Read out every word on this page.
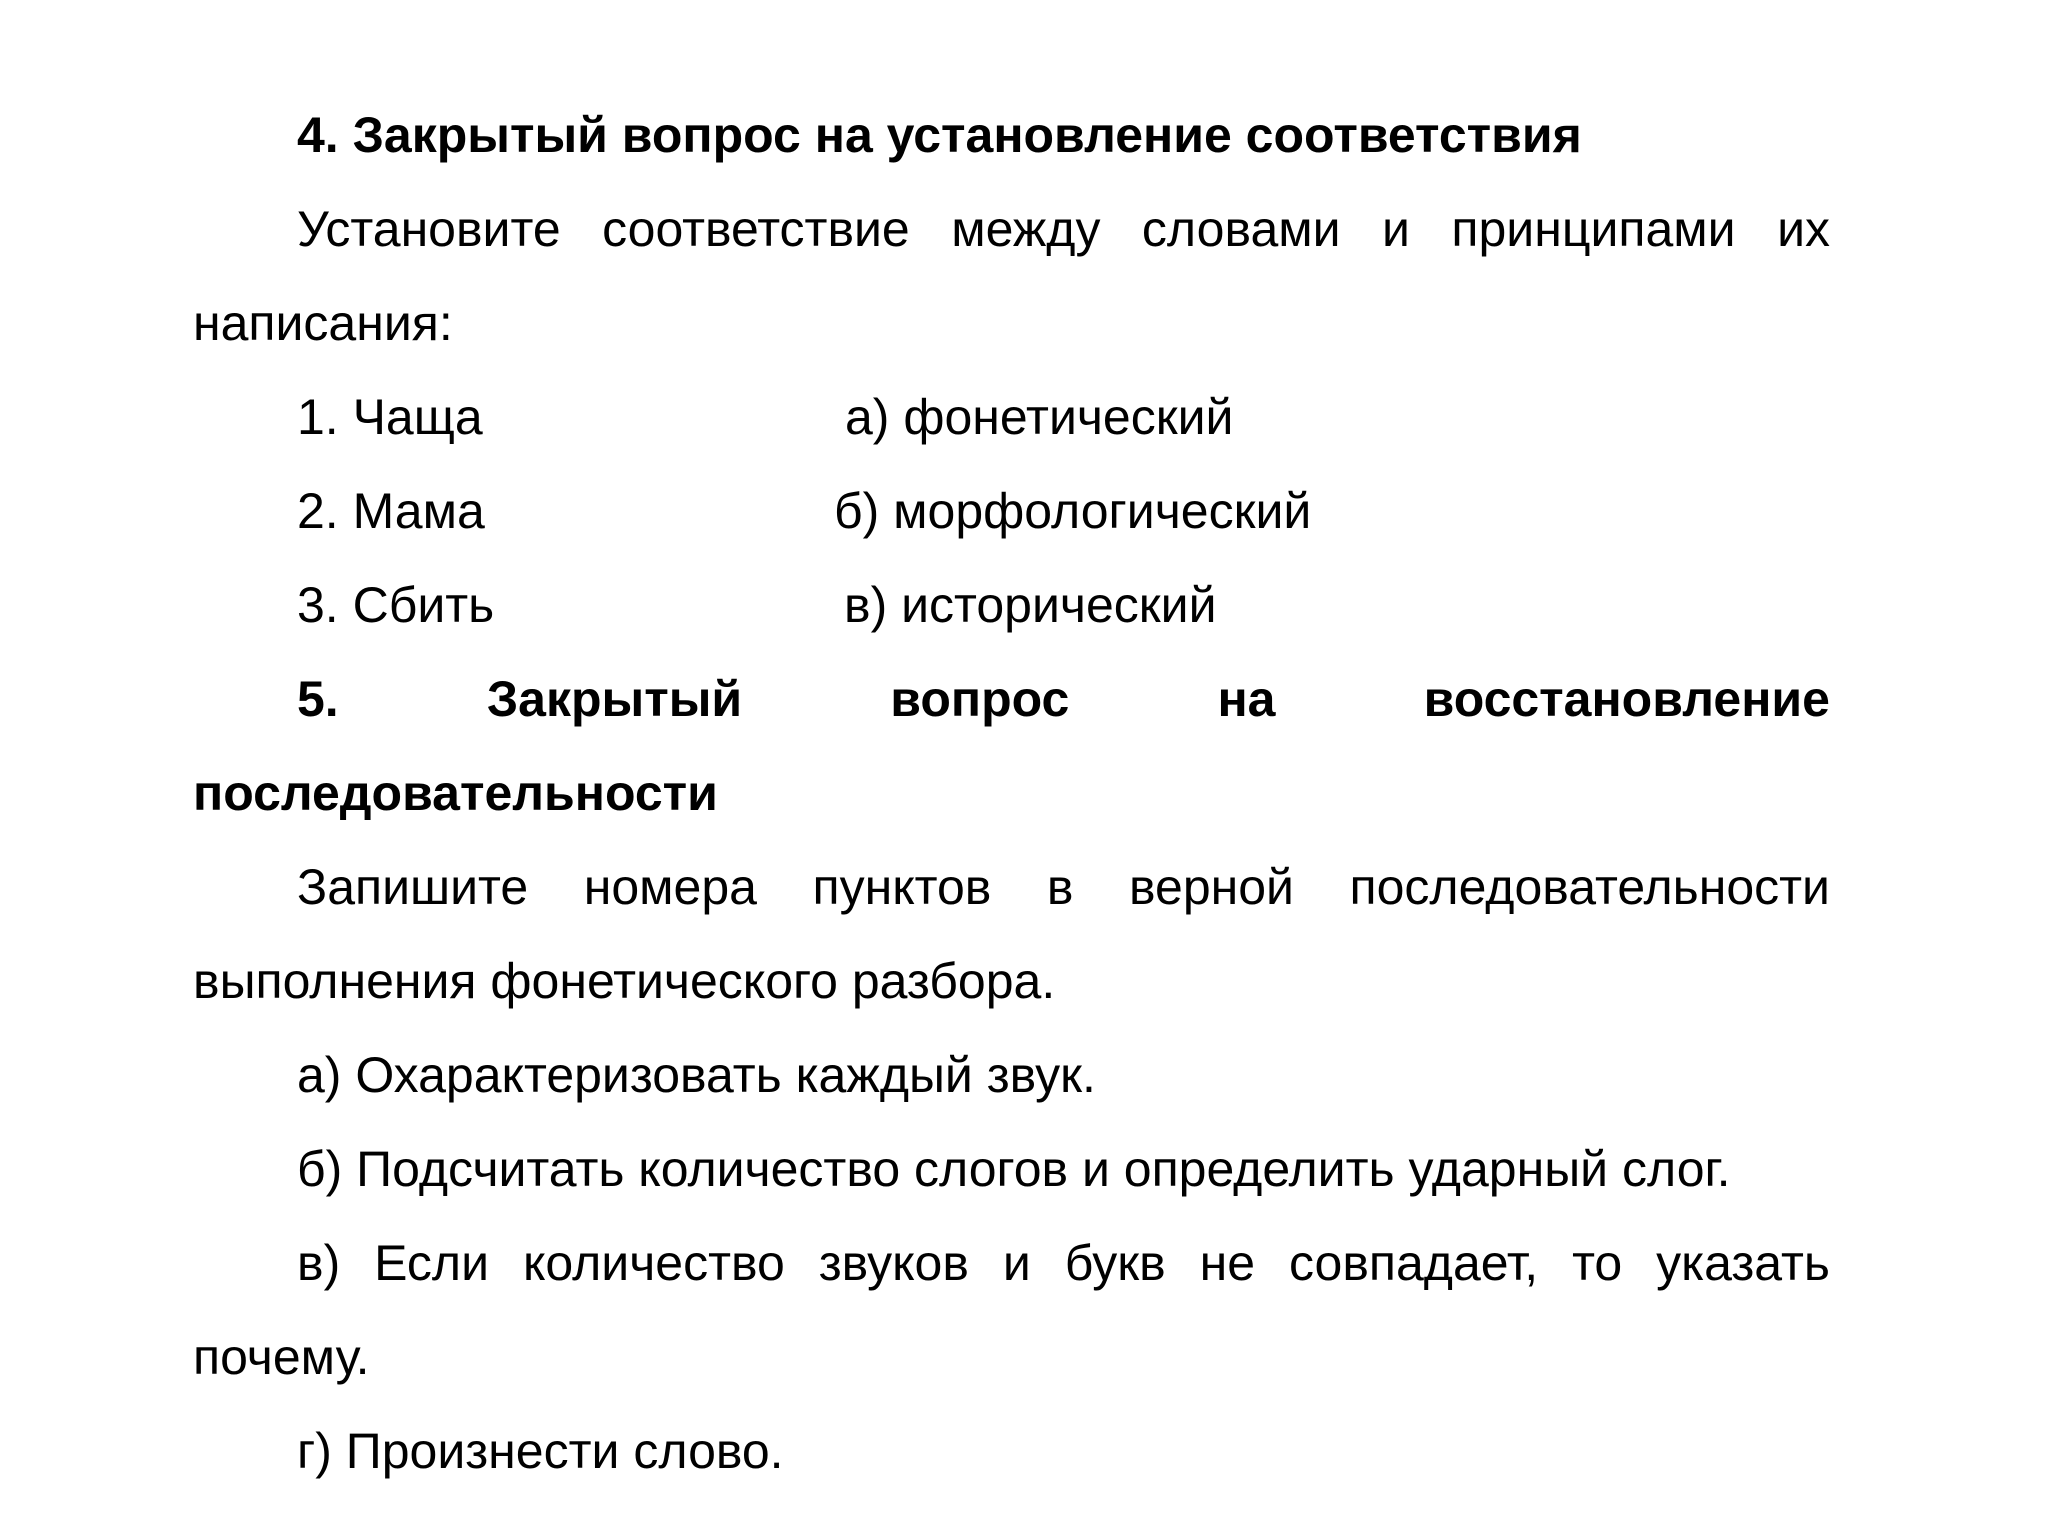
4. Закрытый вопрос на установление соответствия
Установите соответствие между словами и принципами их
написания:
1. Чаща	а) фонетический
2. Мама	б) морфологический
3. Сбить	в) исторический
5.	Закрытый	вопрос	на	восстановление
последовательности
Запишите номера пунктов в верной последовательности
выполнения фонетического разбора.
а) Охарактеризовать каждый звук.
б) Подсчитать количество слогов и определить ударный слог.
в) Если количество звуков и букв не совпадает, то указать
почему.
г) Произнести слово.
